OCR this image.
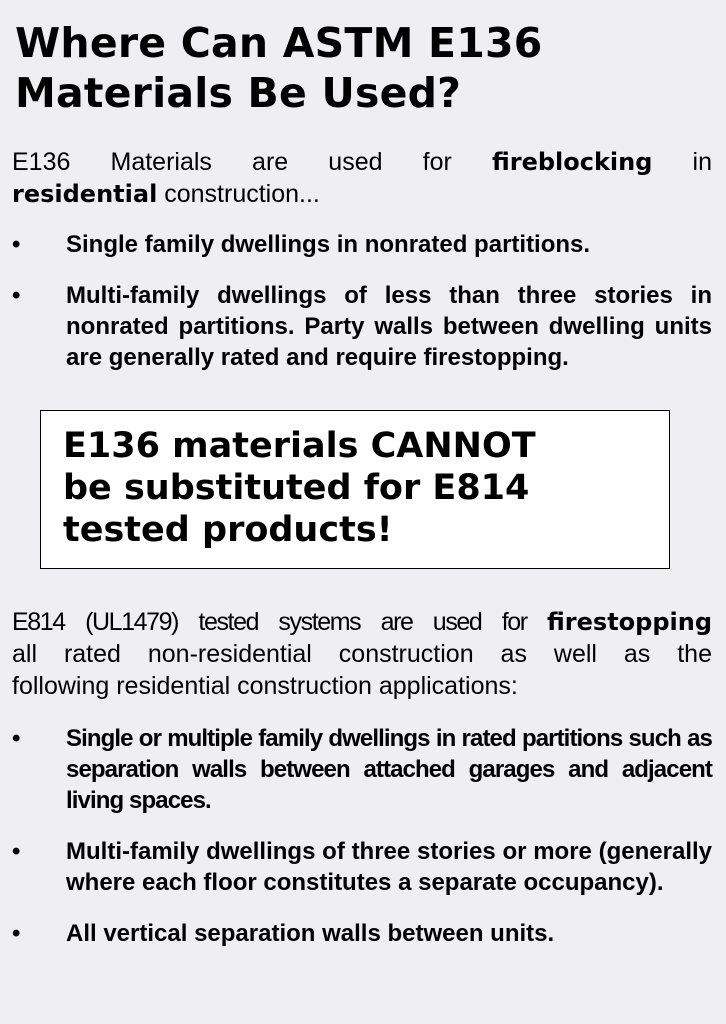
Where Can ASTM E136
Materials Be Used?

E136 Materials are used for fireblocking in
residential construction...

•	Single family dwellings in nonrated partitions.
•	Multi-family dwellings of less than three stories in nonrated partitions. Party walls between dwelling units are generally rated and require firestopping.

E136 materials CANNOT
be substituted for E814
tested products!

E814 (UL1479) tested systems are used for firestopping
all rated non-residential construction as well as the
following residential construction applications:

•	Single or multiple family dwellings in rated partitions such as separation walls between attached garages and adjacent living spaces.
•	Multi-family dwellings of three stories or more (generally where each floor constitutes a separate occupancy).
•	All vertical separation walls between units.
